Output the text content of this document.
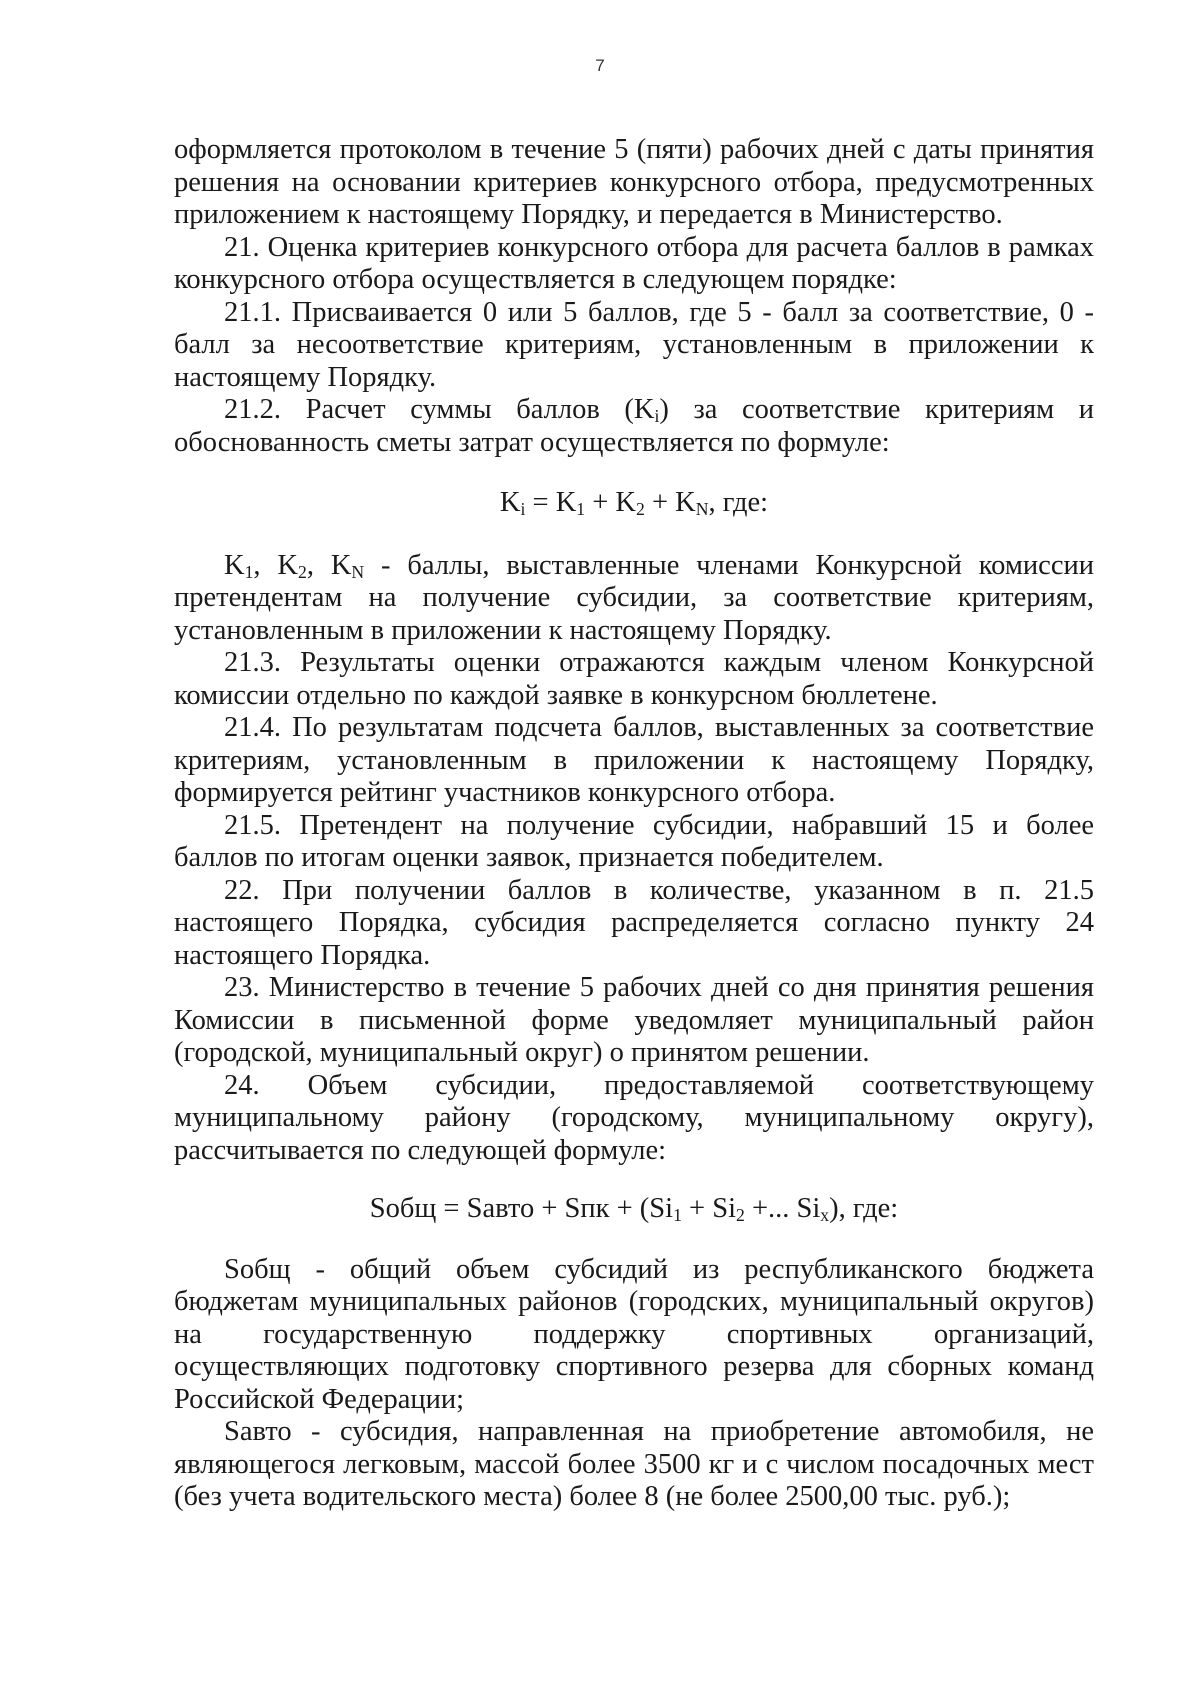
7

оформляется протоколом в течение 5 (пяти) рабочих дней с даты принятия решения на основании критериев конкурсного отбора, предусмотренных приложением к настоящему Порядку, и передается в Министерство.

21. Оценка критериев конкурсного отбора для расчета баллов в рамках конкурсного отбора осуществляется в следующем порядке:

21.1. Присваивается 0 или 5 баллов, где 5 - балл за соответствие, 0 - балл за несоответствие критериям, установленным в приложении к настоящему Порядку.

21.2. Расчет суммы баллов $(K_i)$ за соответствие критериям и обоснованность сметы затрат осуществляется по формуле:

$K_i = K_1 + K_2 + K_N$, где:

$K_1$, $K_2$, $K_N$ - баллы, выставленные членами Конкурсной комиссии претендентам на получение субсидии, за соответствие критериям, установленным в приложении к настоящему Порядку.

21.3. Результаты оценки отражаются каждым членом Конкурсной комиссии отдельно по каждой заявке в конкурсном бюллетене.

21.4. По результатам подсчета баллов, выставленных за соответствие критериям, установленным в приложении к настоящему Порядку, формируется рейтинг участников конкурсного отбора.

21.5. Претендент на получение субсидии, набравший 15 и более баллов по итогам оценки заявок, признается победителем.

22. При получении баллов в количестве, указанном в п. 21.5 настоящего Порядка, субсидия распределяется согласно пункту 24 настоящего Порядка.

23. Министерство в течение 5 рабочих дней со дня принятия решения Комиссии в письменной форме уведомляет муниципальный район (городской, муниципальный округ) о принятом решении.

24. Объем субсидии, предоставляемой соответствующему муниципальному району (городскому, муниципальному округу), рассчитывается по следующей формуле:

Sобщ = Sавто + Sпк + ($Si_1 + Si_2$ +... $Si_x$), где:

Sобщ - общий объем субсидий из республиканского бюджета бюджетам муниципальных районов (городских, муниципальный округов) на государственную поддержку спортивных организаций, осуществляющих подготовку спортивного резерва для сборных команд Российской Федерации;

Sавто - субсидия, направленная на приобретение автомобиля, не являющегося легковым, массой более 3500 кг и с числом посадочных мест (без учета водительского места) более 8 (не более 2500,00 тыс. руб.);
